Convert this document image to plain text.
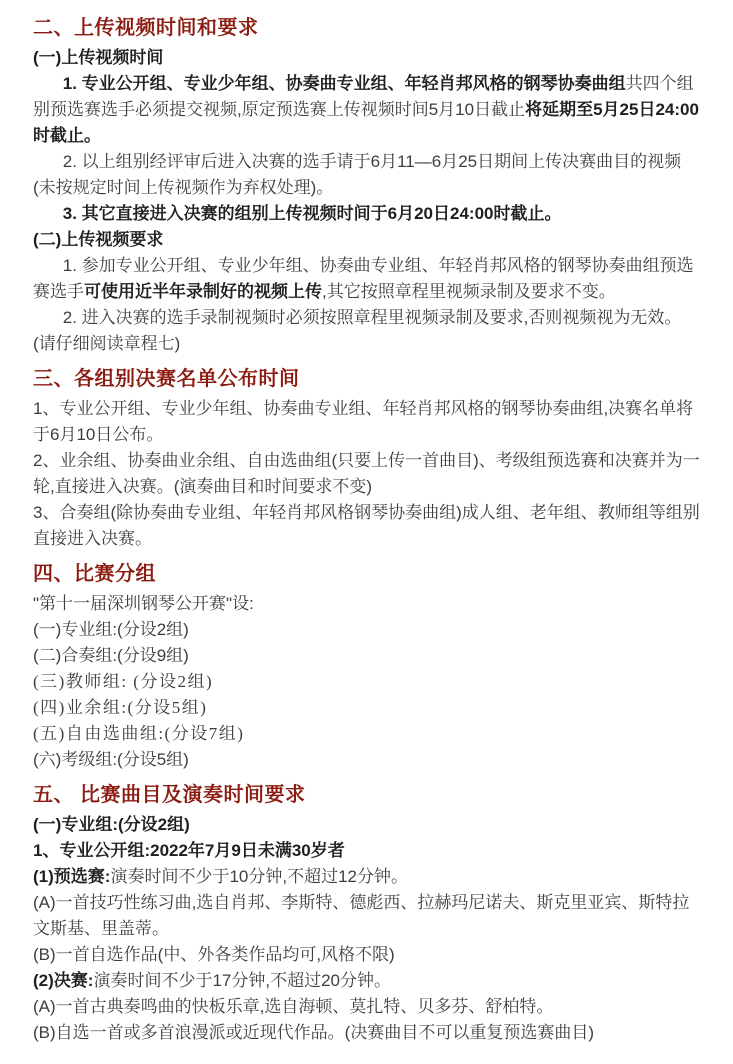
二、上传视频时间和要求

(一)上传视频时间

1. 专业公开组、专业少年组、协奏曲专业组、年轻肖邦风格的钢琴协奏曲组共四个组别预选赛选手必须提交视频,原定预选赛上传视频时间5月10日截止将延期至5月25日24:00时截止。

2. 以上组别经评审后进入决赛的选手请于6月11—6月25日期间上传决赛曲目的视频(未按规定时间上传视频作为弃权处理)。

3. 其它直接进入决赛的组别上传视频时间于6月20日24:00时截止。

(二)上传视频要求

1. 参加专业公开组、专业少年组、协奏曲专业组、年轻肖邦风格的钢琴协奏曲组预选赛选手可使用近半年录制好的视频上传,其它按照章程里视频录制及要求不变。

2. 进入决赛的选手录制视频时必须按照章程里视频录制及要求,否则视频视为无效。(请仔细阅读章程七)

三、各组别决赛名单公布时间

1、专业公开组、专业少年组、协奏曲专业组、年轻肖邦风格的钢琴协奏曲组,决赛名单将于6月10日公布。

2、业余组、协奏曲业余组、自由选曲组(只要上传一首曲目)、考级组预选赛和决赛并为一轮,直接进入决赛。(演奏曲目和时间要求不变)

3、合奏组(除协奏曲专业组、年轻肖邦风格钢琴协奏曲组)成人组、老年组、教师组等组别直接进入决赛。

四、比赛分组

"第十一届深圳钢琴公开赛"设:

(一)专业组:(分设2组)

(二)合奏组:(分设9组)

(三)教师组: (分设2组)

(四)业余组:(分设5组)

(五)自由选曲组:(分设7组)

(六)考级组:(分设5组)

五、 比赛曲目及演奏时间要求

(一)专业组:(分设2组)

1、专业公开组:2022年7月9日未满30岁者

(1)预选赛:演奏时间不少于10分钟,不超过12分钟。

(A)一首技巧性练习曲,选自肖邦、李斯特、德彪西、拉赫玛尼诺夫、斯克里亚宾、斯特拉文斯基、里盖蒂。

(B)一首自选作品(中、外各类作品均可,风格不限)

(2)决赛:演奏时间不少于17分钟,不超过20分钟。

(A)一首古典奏鸣曲的快板乐章,选自海顿、莫扎特、贝多芬、舒柏特。

(B)自选一首或多首浪漫派或近现代作品。(决赛曲目不可以重复预选赛曲目)
